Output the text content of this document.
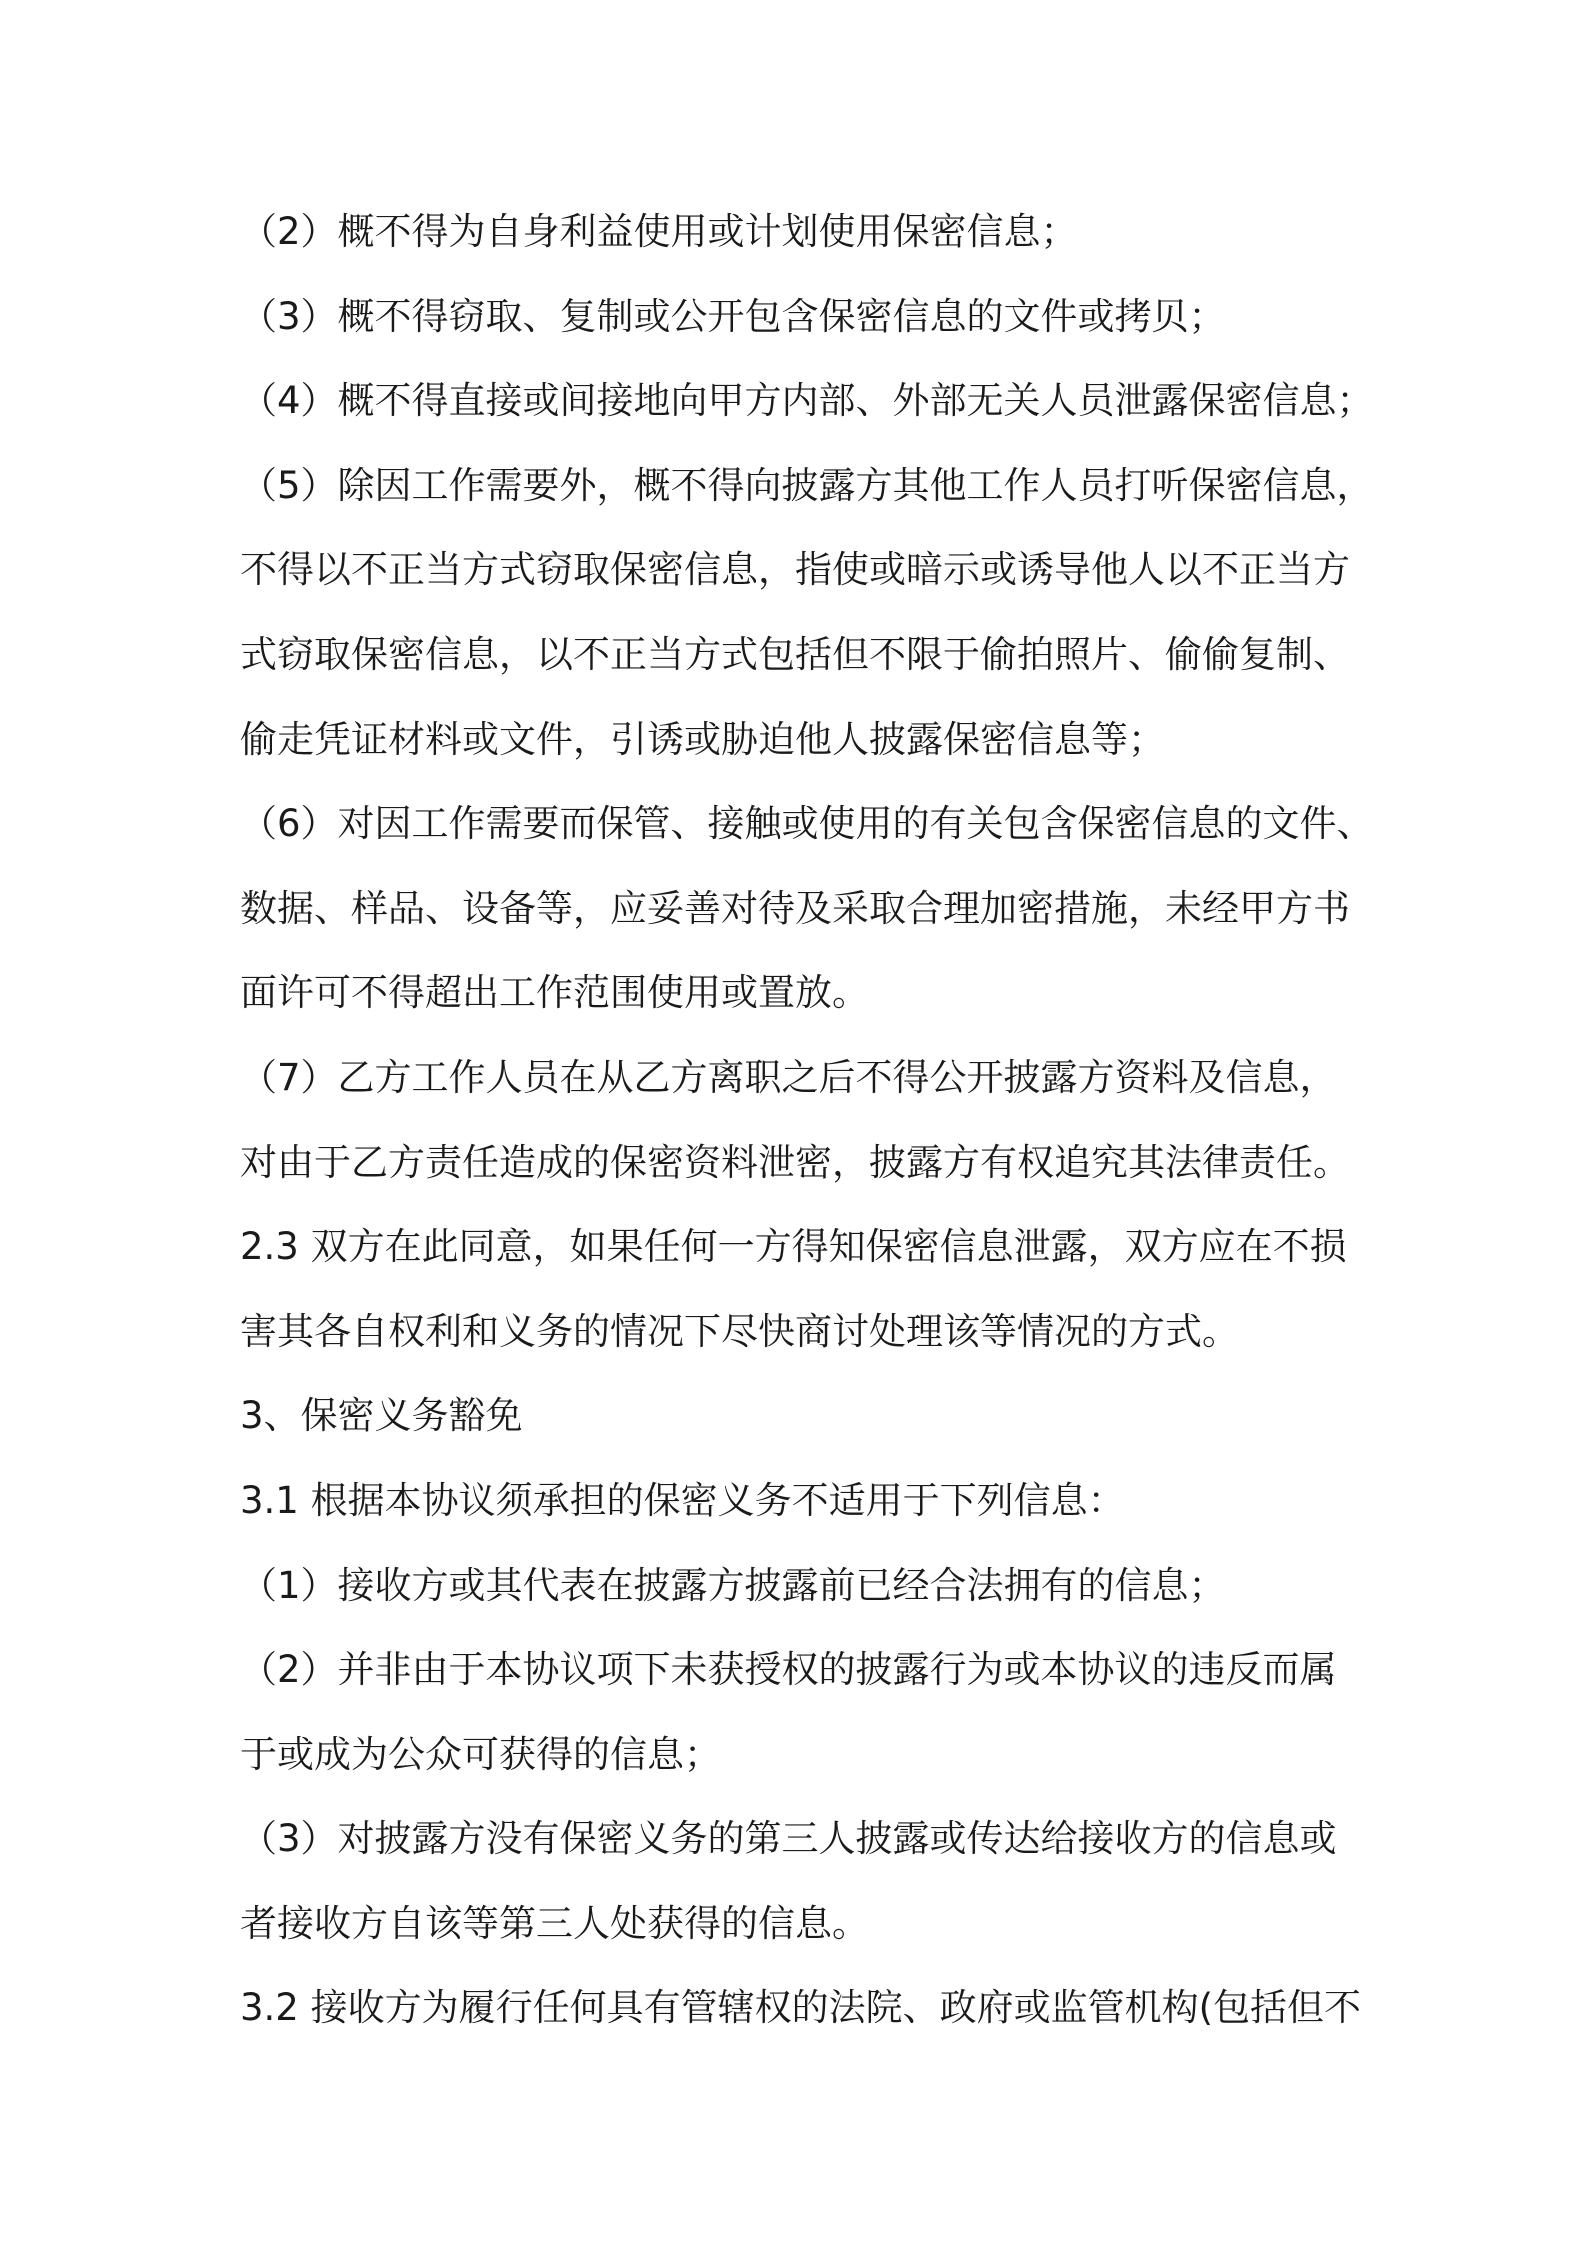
（2）概不得为自身利益使用或计划使用保密信息；
（3）概不得窃取、复制或公开包含保密信息的文件或拷贝；
（4）概不得直接或间接地向甲方内部、外部无关人员泄露保密信息；
（5）除因工作需要外，概不得向披露方其他工作人员打听保密信息，
不得以不正当方式窃取保密信息，指使或暗示或诱导他人以不正当方
式窃取保密信息，以不正当方式包括但不限于偷拍照片、偷偷复制、
偷走凭证材料或文件，引诱或胁迫他人披露保密信息等；
（6）对因工作需要而保管、接触或使用的有关包含保密信息的文件、
数据、样品、设备等，应妥善对待及采取合理加密措施，未经甲方书
面许可不得超出工作范围使用或置放。
（7）乙方工作人员在从乙方离职之后不得公开披露方资料及信息，
对由于乙方责任造成的保密资料泄密，披露方有权追究其法律责任。
2.3 双方在此同意，如果任何一方得知保密信息泄露，双方应在不损
害其各自权利和义务的情况下尽快商讨处理该等情况的方式。
3、保密义务豁免
3.1 根据本协议须承担的保密义务不适用于下列信息：
（1）接收方或其代表在披露方披露前已经合法拥有的信息；
（2）并非由于本协议项下未获授权的披露行为或本协议的违反而属
于或成为公众可获得的信息；
（3）对披露方没有保密义务的第三人披露或传达给接收方的信息或
者接收方自该等第三人处获得的信息。
3.2 接收方为履行任何具有管辖权的法院、政府或监管机构(包括但不
